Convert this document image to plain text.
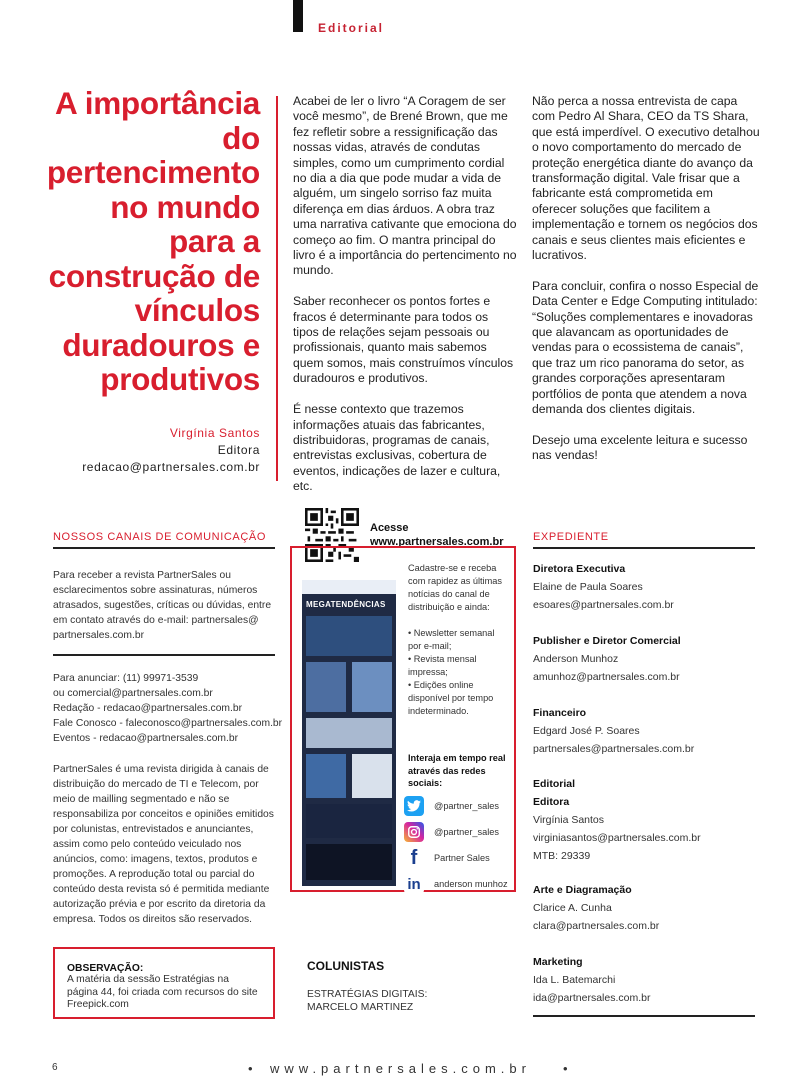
Editorial
A importância do pertencimento no mundo para a construção de vínculos duradouros e produtivos
Virgínia Santos
Editora
redacao@partnersales.com.br

Acabei de ler o livro “A Coragem de ser você mesmo”, de Brené Brown, que me fez refletir sobre a ressignificação das nossas vidas, através de condutas simples, como um cumprimento cordial no dia a dia que pode mudar a vida de alguém, um singelo sorriso faz muita diferença em dias árduos. A obra traz uma narrativa cativante que emociona do começo ao fim. O mantra principal do livro é a importância do pertencimento no mundo.

Saber reconhecer os pontos fortes e fracos é determinante para todos os tipos de relações sejam pessoais ou profissionais, quanto mais sabemos quem somos, mais construímos vínculos duradouros e produtivos.

É nesse contexto que trazemos informações atuais das fabricantes, distribuidoras, programas de canais, entrevistas exclusivas, cobertura de eventos, indicações de lazer e cultura, etc.

Não perca a nossa entrevista de capa com Pedro Al Shara, CEO da TS Shara, que está imperdível. O executivo detalhou o novo comportamento do mercado de proteção energética diante do avanço da transformação digital. Vale frisar que a fabricante está comprometida em oferecer soluções que facilitem a implementação e tornem os negócios dos canais e seus clientes mais eficientes e lucrativos.

Para concluir, confira o nosso Especial de Data Center e Edge Computing intitulado: “Soluções complementares e inovadoras que alavancam as oportunidades de vendas para o ecossistema de canais”, que traz um rico panorama do setor, as grandes corporações apresentaram portfólios de ponta que atendem a nova demanda dos clientes digitais.

Desejo uma excelente leitura e sucesso nas vendas!

NOSSOS CANAIS DE COMUNICAÇÃO
Para receber a revista PartnerSales ou esclarecimentos sobre assinaturas, números atrasados, sugestões, críticas ou dúvidas, entre em contato através do e-mail: partnersales@ partnersales.com.br
Para anunciar: (11) 99971-3539
ou comercial@partnersales.com.br
Redação - redacao@partnersales.com.br
Fale Conosco - faleconosco@partnersales.com.br
Eventos - redacao@partnersales.com.br
PartnerSales é uma revista dirigida à canais de distribuição do mercado de TI e Telecom, por meio de mailling segmentado e não se responsabiliza por conceitos e opiniões emitidos por colunistas, entrevistados e anunciantes, assim como pelo conteúdo veiculado nos anúncios, como: imagens, textos, produtos e promoções. A reprodução total ou parcial do conteúdo desta revista só é permitida mediante autorização prévia e por escrito da diretoria da empresa. Todos os direitos são reservados.
OBSERVAÇÃO:
A matéria da sessão Estratégias na página 44, foi criada com recursos do site Freepick.com
Acesse
www.partnersales.com.br
MEGATENDÊNCIAS

Cadastre-se e receba com rapidez as últimas notícias do canal de distribuição e ainda:

• Newsletter semanal por e-mail;
• Revista mensal impressa;
• Edições online disponível por tempo indeterminado.
Interaja em tempo real através das redes sociais:
@partner_sales
@partner_sales
f	Partner Sales
in	anderson munhoz
COLUNISTAS
ESTRATÉGIAS DIGITAIS:
MARCELO MARTINEZ
EXPEDIENTE
Diretora Executiva
Elaine de Paula Soares
esoares@partnersales.com.br
Publisher e Diretor Comercial
Anderson Munhoz
amunhoz@partnersales.com.br
Financeiro
Edgard José P. Soares
partnersales@partnersales.com.br
Editorial
Editora
Virgínia Santos
virginiasantos@partnersales.com.br
MTB: 29339
Arte e Diagramação
Clarice A. Cunha
clara@partnersales.com.br
Marketing
Ida L. Batemarchi
ida@partnersales.com.br
6	• www.partnersales.com.br •
